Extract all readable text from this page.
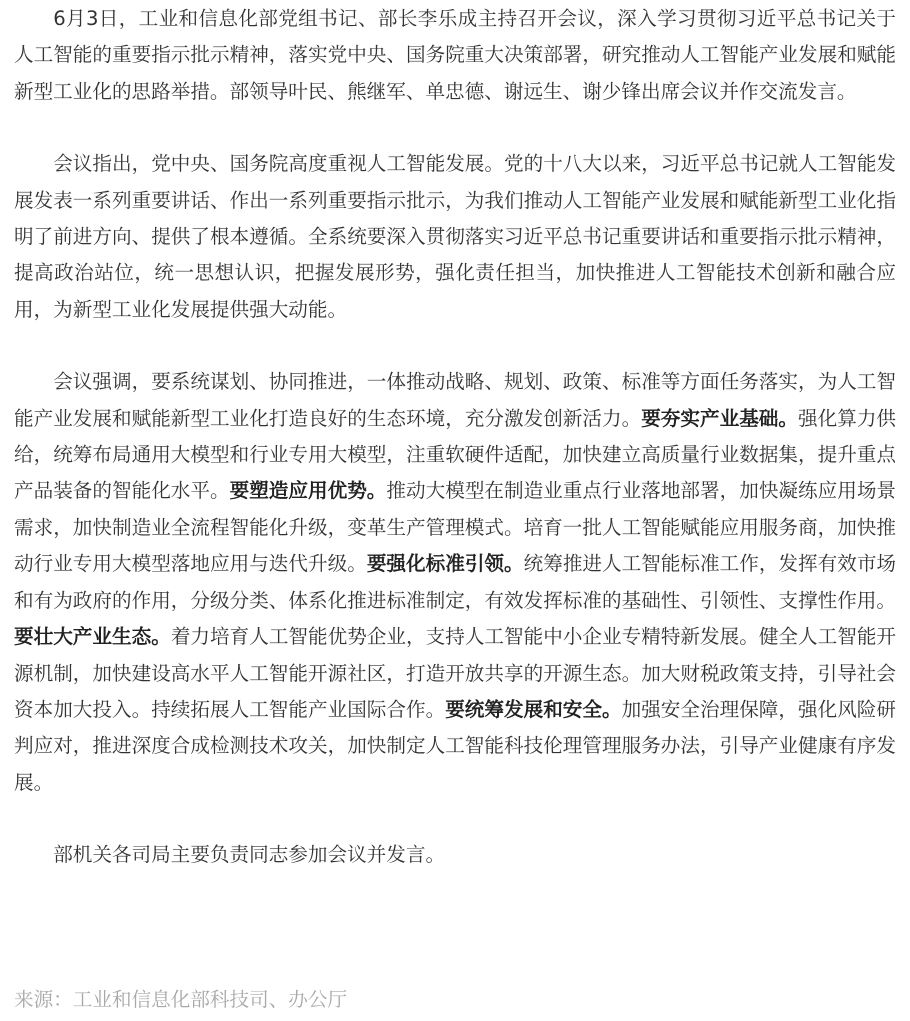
6月3日，工业和信息化部党组书记、部长李乐成主持召开会议，深入学习贯彻习近平总书记关于人工智能的重要指示批示精神，落实党中央、国务院重大决策部署，研究推动人工智能产业发展和赋能新型工业化的思路举措。部领导叶民、熊继军、单忠德、谢远生、谢少锋出席会议并作交流发言。

会议指出，党中央、国务院高度重视人工智能发展。党的十八大以来，习近平总书记就人工智能发展发表一系列重要讲话、作出一系列重要指示批示，为我们推动人工智能产业发展和赋能新型工业化指明了前进方向、提供了根本遵循。全系统要深入贯彻落实习近平总书记重要讲话和重要指示批示精神，提高政治站位，统一思想认识，把握发展形势，强化责任担当，加快推进人工智能技术创新和融合应用，为新型工业化发展提供强大动能。

会议强调，要系统谋划、协同推进，一体推动战略、规划、政策、标准等方面任务落实，为人工智能产业发展和赋能新型工业化打造良好的生态环境，充分激发创新活力。要夯实产业基础。强化算力供给，统筹布局通用大模型和行业专用大模型，注重软硬件适配，加快建立高质量行业数据集，提升重点产品装备的智能化水平。要塑造应用优势。推动大模型在制造业重点行业落地部署，加快凝练应用场景需求，加快制造业全流程智能化升级，变革生产管理模式。培育一批人工智能赋能应用服务商，加快推动行业专用大模型落地应用与迭代升级。要强化标准引领。统筹推进人工智能标准工作，发挥有效市场和有为政府的作用，分级分类、体系化推进标准制定，有效发挥标准的基础性、引领性、支撑性作用。要壮大产业生态。着力培育人工智能优势企业，支持人工智能中小企业专精特新发展。健全人工智能开源机制，加快建设高水平人工智能开源社区，打造开放共享的开源生态。加大财税政策支持，引导社会资本加大投入。持续拓展人工智能产业国际合作。要统筹发展和安全。加强安全治理保障，强化风险研判应对，推进深度合成检测技术攻关，加快制定人工智能科技伦理管理服务办法，引导产业健康有序发展。

部机关各司局主要负责同志参加会议并发言。

来源：工业和信息化部科技司、办公厅
